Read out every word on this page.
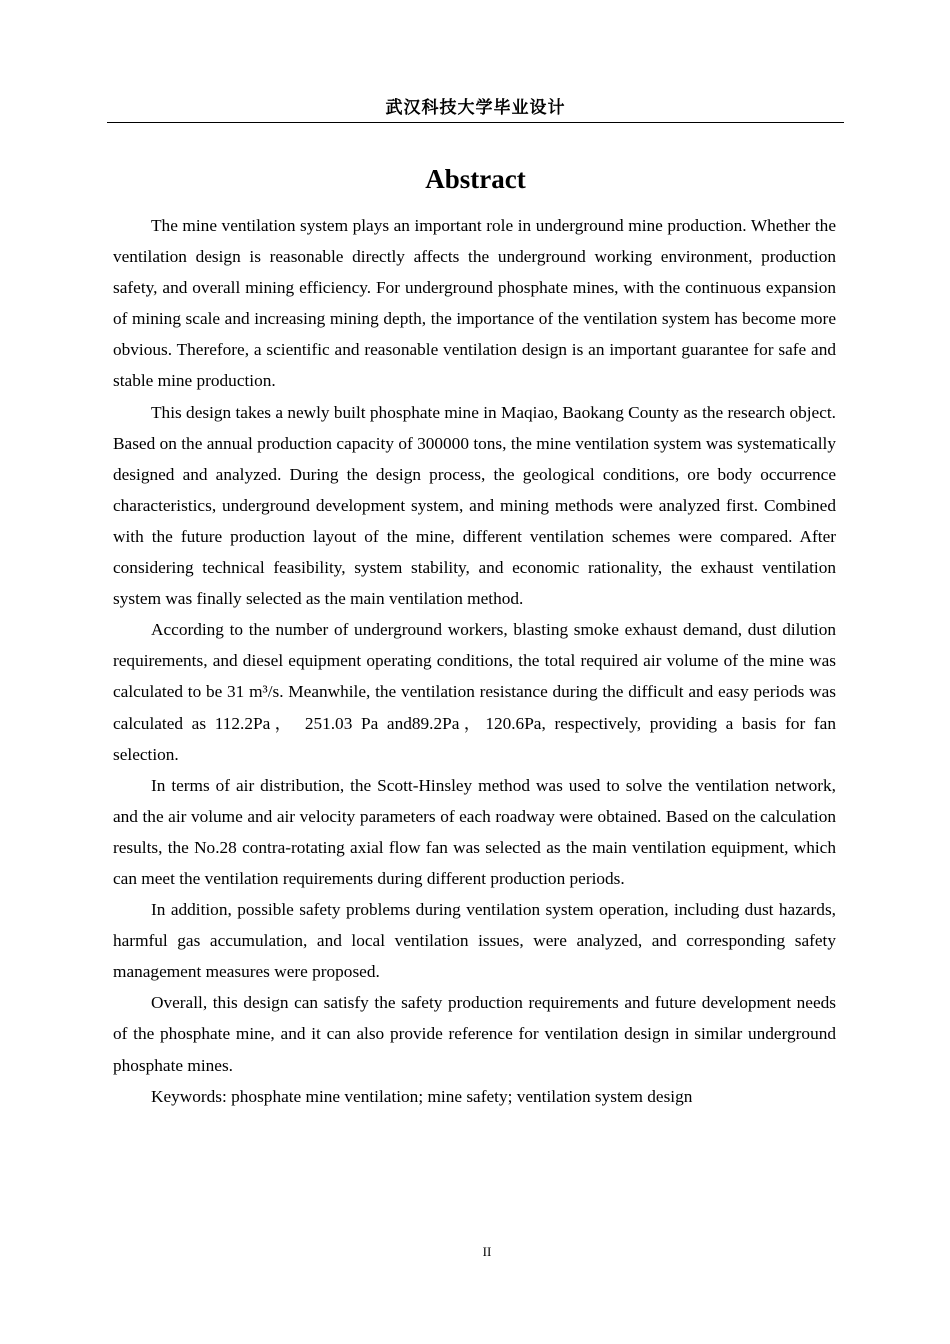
武汉科技大学毕业设计
Abstract

The mine ventilation system plays an important role in underground mine production. Whether the ventilation design is reasonable directly affects the underground working environment, production safety, and overall mining efficiency. For underground phosphate mines, with the continuous expansion of mining scale and increasing mining depth, the importance of the ventilation system has become more obvious. Therefore, a scientific and reasonable ventilation design is an important guarantee for safe and stable mine production.

This design takes a newly built phosphate mine in Maqiao, Baokang County as the research object. Based on the annual production capacity of 300000 tons, the mine ventilation system was systematically designed and analyzed. During the design process, the geological conditions, ore body occurrence characteristics, underground development system, and mining methods were analyzed first. Combined with the future production layout of the mine, different ventilation schemes were compared. After considering technical feasibility, system stability, and economic rationality, the exhaust ventilation system was finally selected as the main ventilation method.

According to the number of underground workers, blasting smoke exhaust demand, dust dilution requirements, and diesel equipment operating conditions, the total required air volume of the mine was calculated to be 31 m³/s. Meanwhile, the ventilation resistance during the difficult and easy periods was calculated as 112.2Pa， 251.03 Pa and89.2Pa，120.6Pa, respectively, providing a basis for fan selection.

In terms of air distribution, the Scott-Hinsley method was used to solve the ventilation network, and the air volume and air velocity parameters of each roadway were obtained. Based on the calculation results, the No.28 contra-rotating axial flow fan was selected as the main ventilation equipment, which can meet the ventilation requirements during different production periods.

In addition, possible safety problems during ventilation system operation, including dust hazards, harmful gas accumulation, and local ventilation issues, were analyzed, and corresponding safety management measures were proposed.

Overall, this design can satisfy the safety production requirements and future development needs of the phosphate mine, and it can also provide reference for ventilation design in similar underground phosphate mines.

Keywords: phosphate mine ventilation; mine safety; ventilation system design

II
